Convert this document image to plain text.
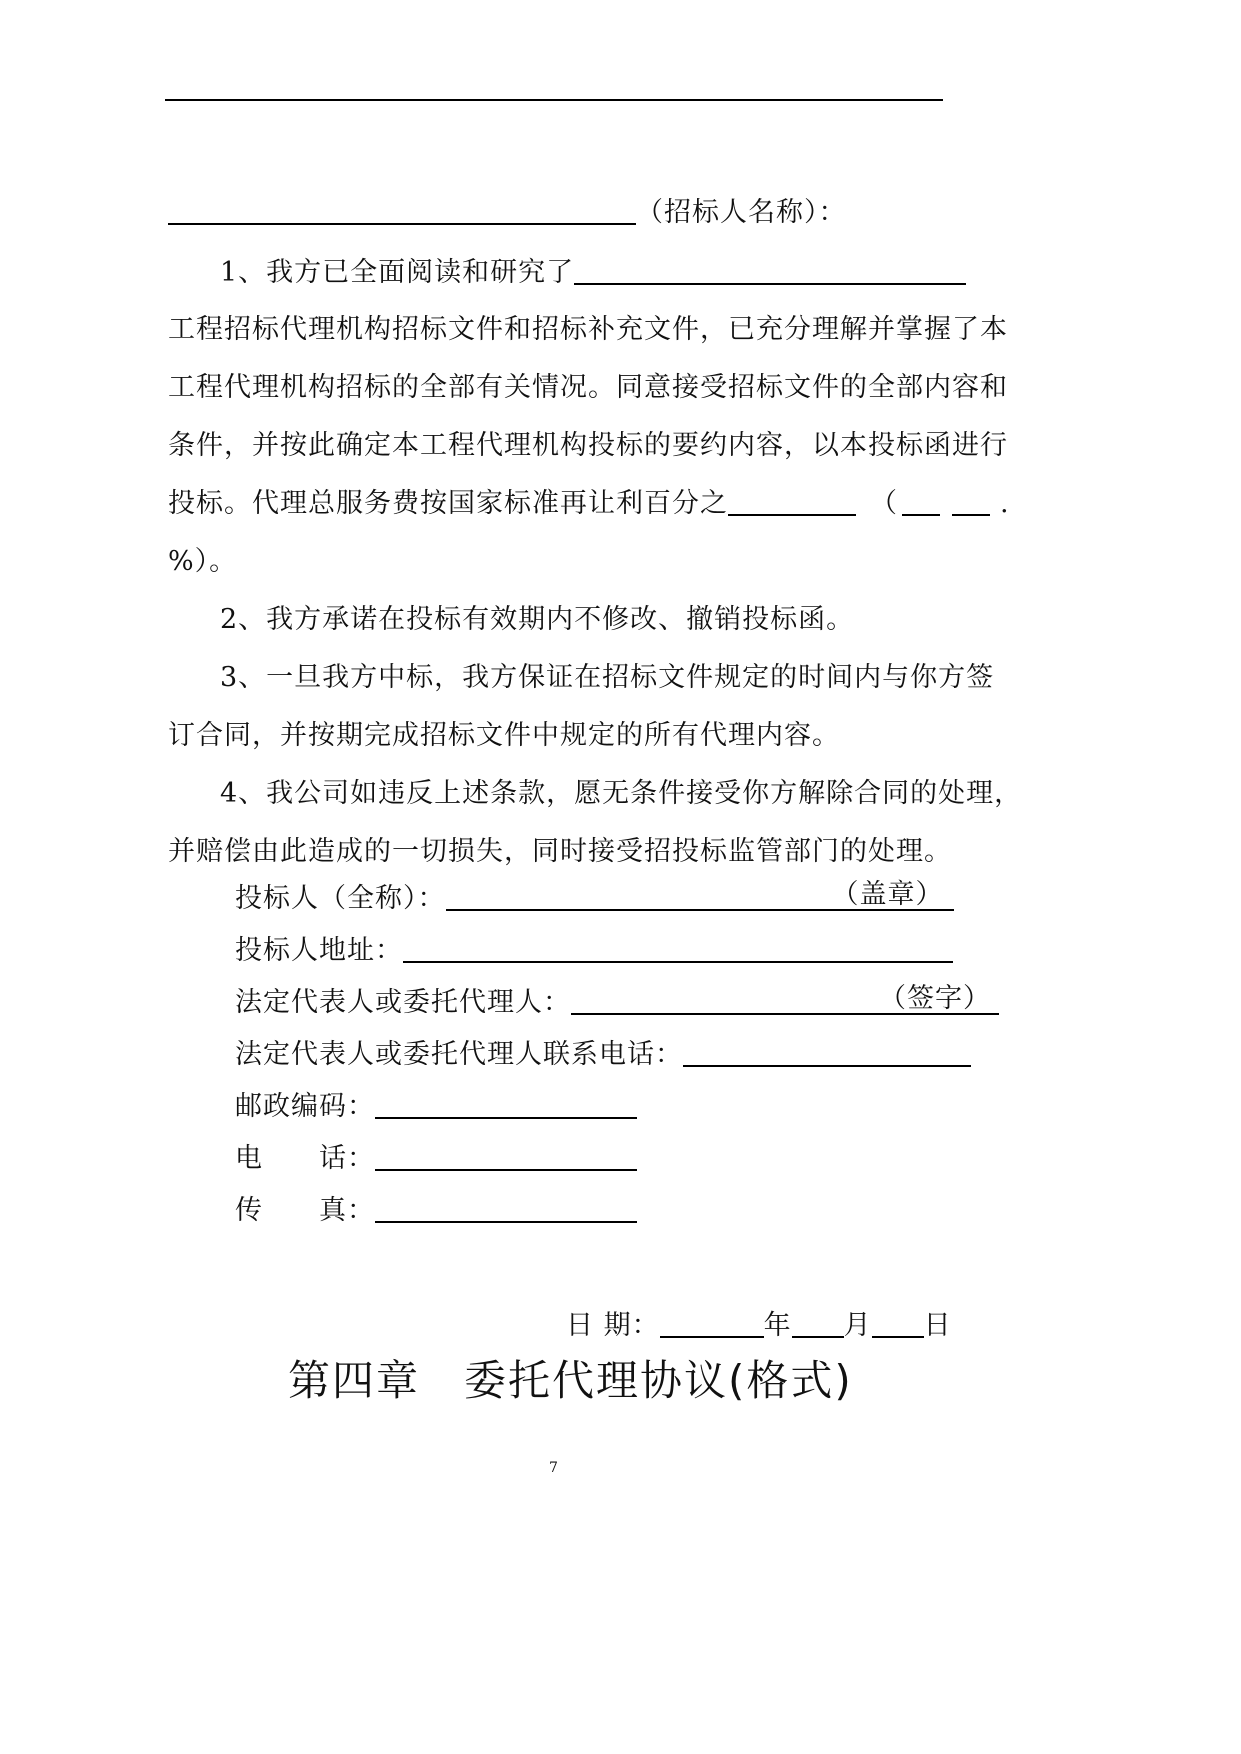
（招标人名称）：
1、我方已全面阅读和研究了
工程招标代理机构招标文件和招标补充文件，已充分理解并掌握了本
工程代理机构招标的全部有关情况。同意接受招标文件的全部内容和
条件，并按此确定本工程代理机构投标的要约内容，以本投标函进行
投标。代理总服务费按国家标准再让利百分之	（	.
%）。
2、我方承诺在投标有效期内不修改、撤销投标函。
3、一旦我方中标，我方保证在招标文件规定的时间内与你方签
订合同，并按期完成招标文件中规定的所有代理内容。
4、我公司如违反上述条款，愿无条件接受你方解除合同的处理，
并赔偿由此造成的一切损失，同时接受招投标监管部门的处理。
投标人（全称）：	（盖章）
投标人地址：
法定代表人或委托代理人：	（签字）
法定代表人或委托代理人联系电话：
邮政编码：
电　　话：
传　　真：
日 期：	年 月 日
第四章　委托代理协议(格式)
7
